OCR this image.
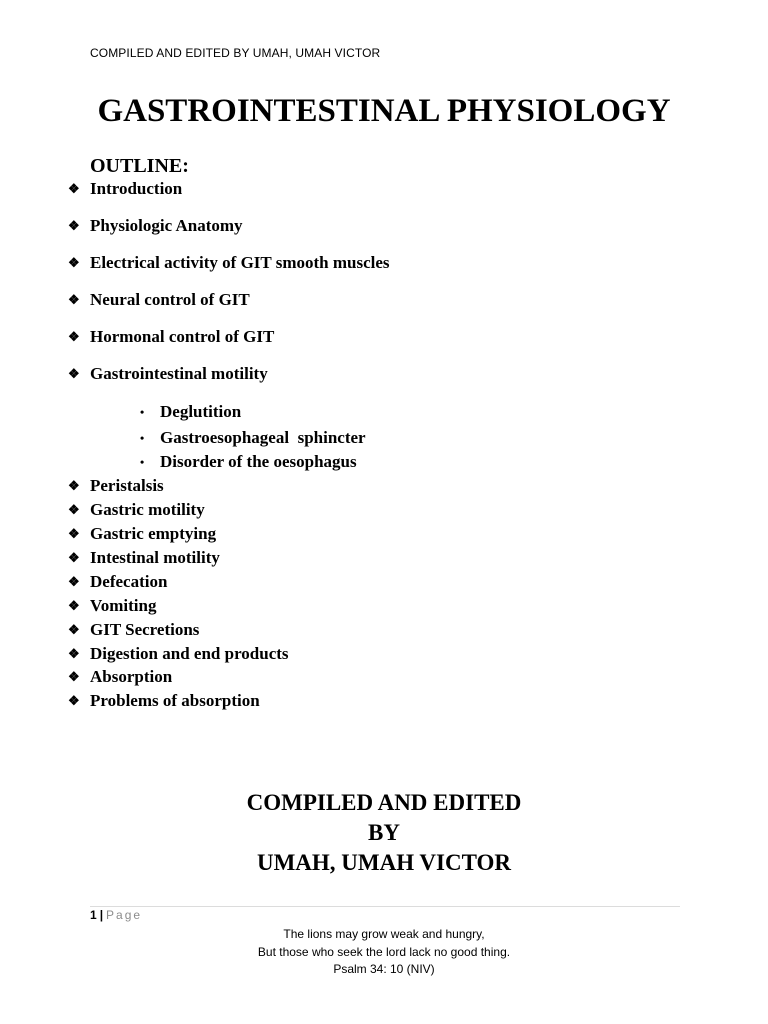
COMPILED AND EDITED BY UMAH, UMAH VICTOR
GASTROINTESTINAL PHYSIOLOGY
OUTLINE:
❖ Introduction
❖ Physiologic Anatomy
❖ Electrical activity of GIT smooth muscles
❖ Neural control of GIT
❖ Hormonal control of GIT
❖ Gastrointestinal motility
• Deglutition
• Gastroesophageal  sphincter
• Disorder of the oesophagus
❖ Peristalsis
❖ Gastric motility
❖ Gastric emptying
❖ Intestinal motility
❖ Defecation
❖ Vomiting
❖ GIT Secretions
❖ Digestion and end products
❖ Absorption
❖ Problems of absorption
COMPILED AND EDITED
BY
UMAH, UMAH VICTOR
1 | Page
The lions may grow weak and hungry,
But those who seek the lord lack no good thing.
Psalm 34: 10 (NIV)
